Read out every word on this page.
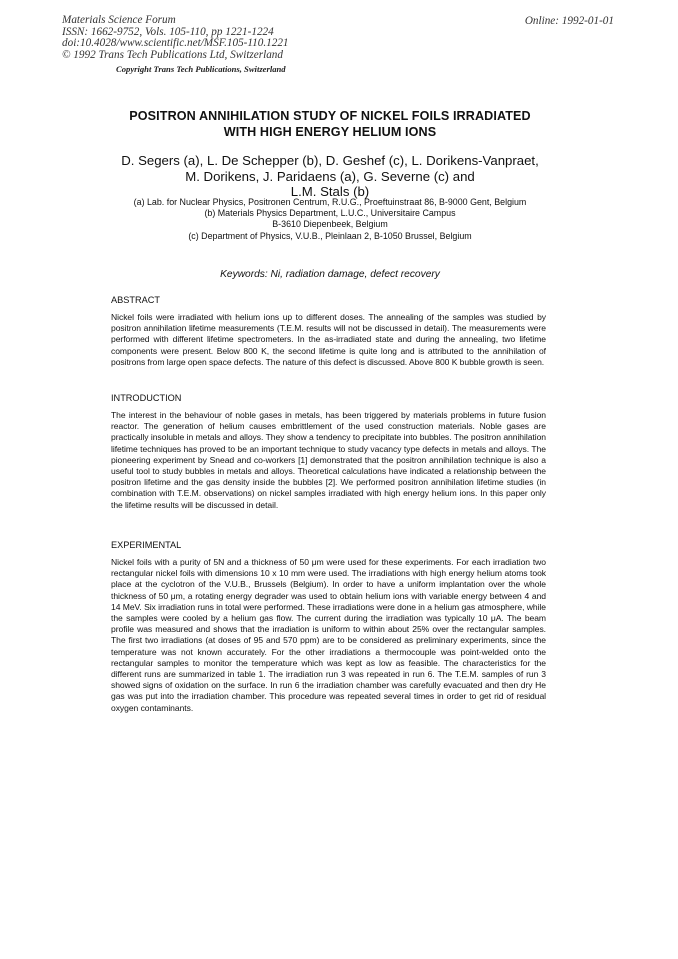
Materials Science Forum
ISSN: 1662-9752, Vols. 105-110, pp 1221-1224
doi:10.4028/www.scientific.net/MSF.105-110.1221
© 1992 Trans Tech Publications Ltd, Switzerland
Online: 1992-01-01
Copyright Trans Tech Publications, Switzerland
POSITRON ANNIHILATION STUDY OF NICKEL FOILS IRRADIATED
WITH HIGH ENERGY HELIUM IONS
D. Segers (a), L. De Schepper (b), D. Geshef (c), L. Dorikens-Vanpraet,
M. Dorikens, J. Paridaens (a), G. Severne (c) and
L.M. Stals (b)
(a) Lab. for Nuclear Physics, Positronen Centrum, R.U.G., Proeftuinstraat 86, B-9000 Gent, Belgium
(b) Materials Physics Department, L.U.C., Universitaire Campus
B-3610 Diepenbeek, Belgium
(c) Department of Physics, V.U.B., Pleinlaan 2, B-1050 Brussel, Belgium
Keywords: Ni, radiation damage, defect recovery

ABSTRACT

Nickel foils were irradiated with helium ions up to different doses. The annealing of the samples was studied by positron annihilation lifetime measurements (T.E.M. results will not be discussed in detail). The measurements were performed with different lifetime spectrometers. In the as-irradiated state and during the annealing, two lifetime components were present. Below 800 K, the second lifetime is quite long and is attributed to the annihilation of positrons from large open space defects. The nature of this defect is discussed. Above 800 K bubble growth is seen.

INTRODUCTION

The interest in the behaviour of noble gases in metals, has been triggered by materials problems in future fusion reactor. The generation of helium causes embrittlement of the used construction materials. Noble gases are practically insoluble in metals and alloys. They show a tendency to precipitate into bubbles. The positron annihilation lifetime techniques has proved to be an important technique to study vacancy type defects in metals and alloys. The pioneering experiment by Snead and co-workers [1] demonstrated that the positron annihilation technique is also a useful tool to study bubbles in metals and alloys. Theoretical calculations have indicated a relationship between the positron lifetime and the gas density inside the bubbles [2]. We performed positron annihilation lifetime studies (in combination with T.E.M. observations) on nickel samples irradiated with high energy helium ions. In this paper only the lifetime results will be discussed in detail.

EXPERIMENTAL

Nickel foils with a purity of 5N and a thickness of 50 μm were used for these experiments. For each irradiation two rectangular nickel foils with dimensions 10 x 10 mm were used. The irradiations with high energy helium atoms took place at the cyclotron of the V.U.B., Brussels (Belgium). In order to have a uniform implantation over the whole thickness of 50 μm, a rotating energy degrader was used to obtain helium ions with variable energy between 4 and 14 MeV. Six irradiation runs in total were performed. These irradiations were done in a helium gas atmosphere, while the samples were cooled by a helium gas flow. The current during the irradiation was typically 10 μA. The beam profile was measured and shows that the irradiation is uniform to within about 25% over the rectangular samples. The first two irradiations (at doses of 95 and 570 ppm) are to be considered as preliminary experiments, since the temperature was not known accurately. For the other irradiations a thermocouple was point-welded onto the rectangular samples to monitor the temperature which was kept as low as feasible. The characteristics for the different runs are summarized in table 1. The irradiation run 3 was repeated in run 6. The T.E.M. samples of run 3 showed signs of oxidation on the surface. In run 6 the irradiation chamber was carefully evacuated and then dry He gas was put into the irradiation chamber. This procedure was repeated several times in order to get rid of residual oxygen contaminants.
